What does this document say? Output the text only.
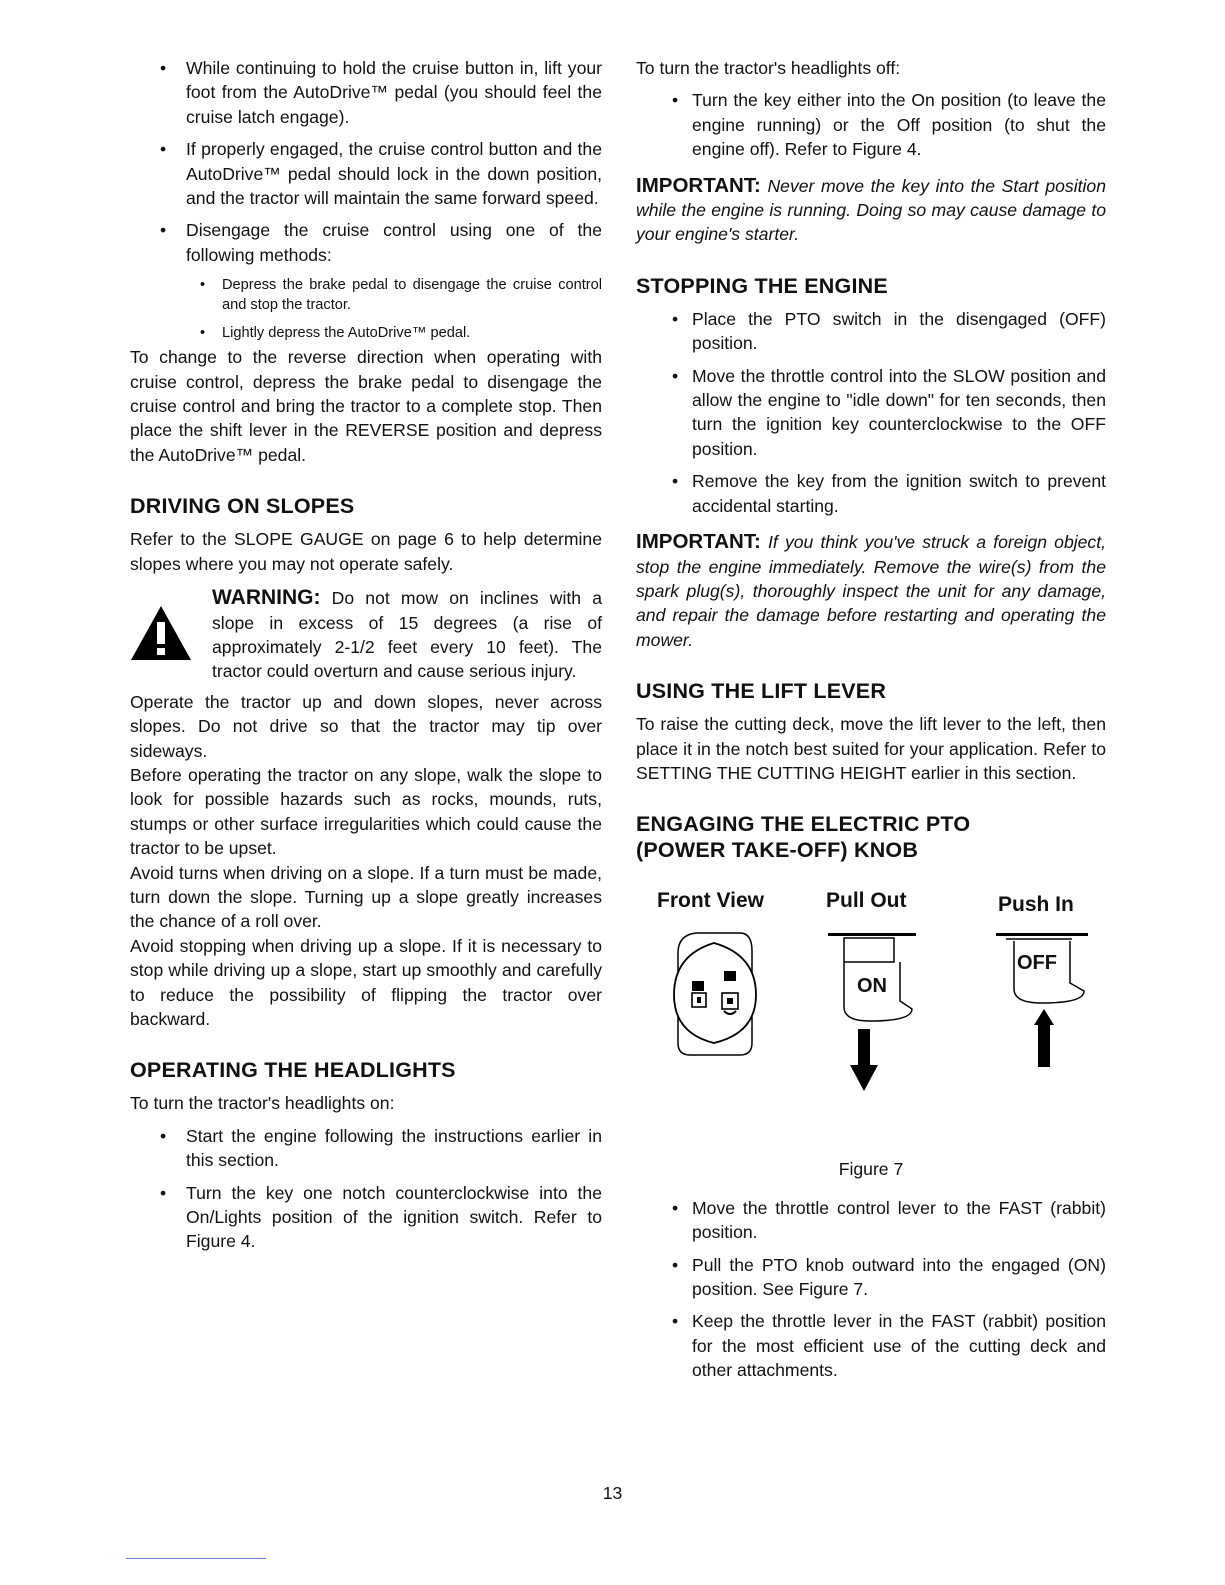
• While continuing to hold the cruise button in, lift your foot from the AutoDrive™ pedal (you should feel the cruise latch engage).
• If properly engaged, the cruise control button and the AutoDrive™ pedal should lock in the down position, and the tractor will maintain the same forward speed.
• Disengage the cruise control using one of the following methods:
• Depress the brake pedal to disengage the cruise control and stop the tractor.
• Lightly depress the AutoDrive™ pedal.

To change to the reverse direction when operating with cruise control, depress the brake pedal to disengage the cruise control and bring the tractor to a complete stop. Then place the shift lever in the REVERSE position and depress the AutoDrive™ pedal.

DRIVING ON SLOPES

Refer to the SLOPE GAUGE on page 6 to help determine slopes where you may not operate safely.

WARNING: Do not mow on inclines with a slope in excess of 15 degrees (a rise of approximately 2-1/2 feet every 10 feet). The tractor could overturn and cause serious injury.

Operate the tractor up and down slopes, never across slopes. Do not drive so that the tractor may tip over sideways.

Before operating the tractor on any slope, walk the slope to look for possible hazards such as rocks, mounds, ruts, stumps or other surface irregularities which could cause the tractor to be upset.

Avoid turns when driving on a slope. If a turn must be made, turn down the slope. Turning up a slope greatly increases the chance of a roll over.

Avoid stopping when driving up a slope. If it is necessary to stop while driving up a slope, start up smoothly and carefully to reduce the possibility of flipping the tractor over backward.

OPERATING THE HEADLIGHTS

To turn the tractor's headlights on:

• Start the engine following the instructions earlier in this section.
• Turn the key one notch counterclockwise into the On/Lights position of the ignition switch. Refer to Figure 4.

To turn the tractor's headlights off:

• Turn the key either into the On position (to leave the engine running) or the Off position (to shut the engine off). Refer to Figure 4.

IMPORTANT: Never move the key into the Start position while the engine is running. Doing so may cause damage to your engine's starter.

STOPPING THE ENGINE
• Place the PTO switch in the disengaged (OFF) position.
• Move the throttle control into the SLOW position and allow the engine to "idle down" for ten seconds, then turn the ignition key counterclockwise to the OFF position.
• Remove the key from the ignition switch to prevent accidental starting.

IMPORTANT: If you think you've struck a foreign object, stop the engine immediately. Remove the wire(s) from the spark plug(s), thoroughly inspect the unit for any damage, and repair the damage before restarting and operating the mower.

USING THE LIFT LEVER

To raise the cutting deck, move the lift lever to the left, then place it in the notch best suited for your application. Refer to SETTING THE CUTTING HEIGHT earlier in this section.

ENGAGING THE ELECTRIC PTO
(POWER TAKE-OFF) KNOB
Front View	Pull Out	Push In
ON
OFF

Figure 7

• Move the throttle control lever to the FAST (rabbit) position.
• Pull the PTO knob outward into the engaged (ON) position. See Figure 7.
• Keep the throttle lever in the FAST (rabbit) position for the most efficient use of the cutting deck and other attachments.
13
